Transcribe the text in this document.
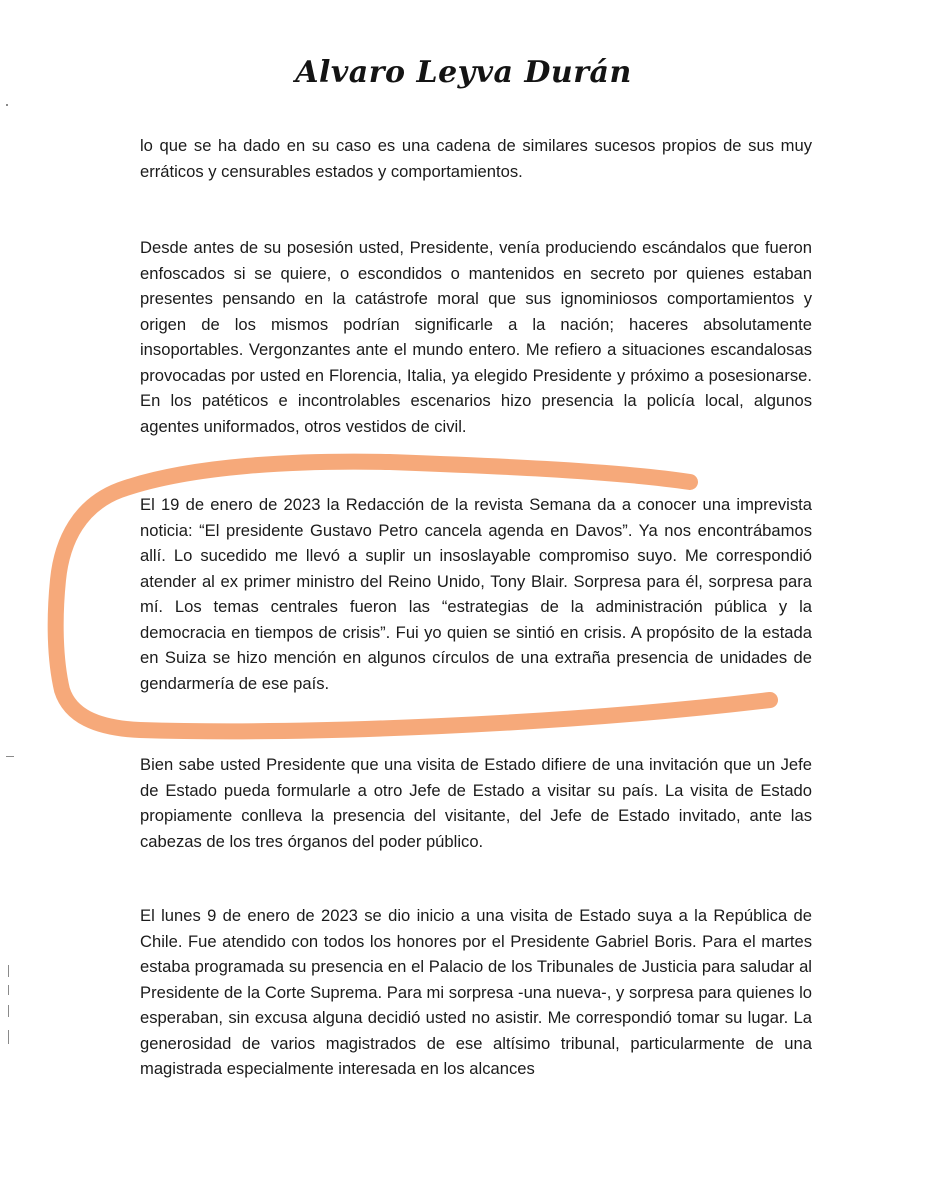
Alvaro Leyva Durán

lo que se ha dado en su caso es una cadena de similares sucesos propios de sus muy erráticos y censurables estados y comportamientos.

Desde antes de su posesión usted, Presidente, venía produciendo escándalos que fueron enfoscados si se quiere, o escondidos o mantenidos en secreto por quienes estaban presentes pensando en la catástrofe moral que sus ignominiosos comportamientos y origen de los mismos podrían significarle a la nación; haceres absolutamente insoportables. Vergonzantes ante el mundo entero. Me refiero a situaciones escandalosas provocadas por usted en Florencia, Italia, ya elegido Presidente y próximo a posesionarse. En los patéticos e incontrolables escenarios hizo presencia la policía local, algunos agentes uniformados, otros vestidos de civil.

El 19 de enero de 2023 la Redacción de la revista Semana da a conocer una imprevista noticia: “El presidente Gustavo Petro cancela agenda en Davos”. Ya nos encontrábamos allí. Lo sucedido me llevó a suplir un insoslayable compromiso suyo. Me correspondió atender al ex primer ministro del Reino Unido, Tony Blair. Sorpresa para él, sorpresa para mí. Los temas centrales fueron las “estrategias de la administración pública y la democracia en tiempos de crisis”. Fui yo quien se sintió en crisis. A propósito de la estada en Suiza se hizo mención en algunos círculos de una extraña presencia de unidades de gendarmería de ese país.

Bien sabe usted Presidente que una visita de Estado difiere de una invitación que un Jefe de Estado pueda formularle a otro Jefe de Estado a visitar su país. La visita de Estado propiamente conlleva la presencia del visitante, del Jefe de Estado invitado, ante las cabezas de los tres órganos del poder público.

El lunes 9 de enero de 2023 se dio inicio a una visita de Estado suya a la República de Chile. Fue atendido con todos los honores por el Presidente Gabriel Boris. Para el martes estaba programada su presencia en el Palacio de los Tribunales de Justicia para saludar al Presidente de la Corte Suprema. Para mi sorpresa -una nueva-, y sorpresa para quienes lo esperaban, sin excusa alguna decidió usted no asistir. Me correspondió tomar su lugar. La generosidad de varios magistrados de ese altísimo tribunal, particularmente de una magistrada especialmente interesada en los alcances
